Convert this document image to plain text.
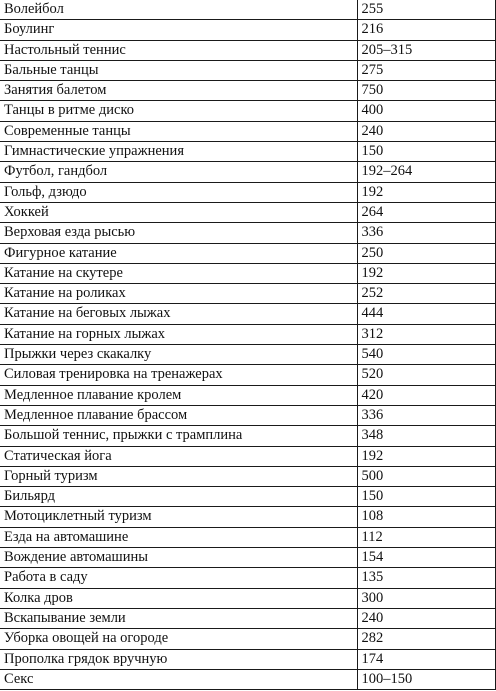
Волейбол	255
Боулинг	216
Настольный теннис	205–315
Бальные танцы	275
Занятия балетом	750
Танцы в ритме диско	400
Современные танцы	240
Гимнастические упражнения	150
Футбол, гандбол	192–264
Гольф, дзюдо	192
Хоккей	264
Верховая езда рысью	336
Фигурное катание	250
Катание на скутере	192
Катание на роликах	252
Катание на беговых лыжах	444
Катание на горных лыжах	312
Прыжки через скакалку	540
Силовая тренировка на тренажерах	520
Медленное плавание кролем	420
Медленное плавание брассом	336
Большой теннис, прыжки с трамплина	348
Статическая йога	192
Горный туризм	500
Бильярд	150
Мотоциклетный туризм	108
Езда на автомашине	112
Вождение автомашины	154
Работа в саду	135
Колка дров	300
Вскапывание земли	240
Уборка овощей на огороде	282
Прополка грядок вручную	174
Секс	100–150
